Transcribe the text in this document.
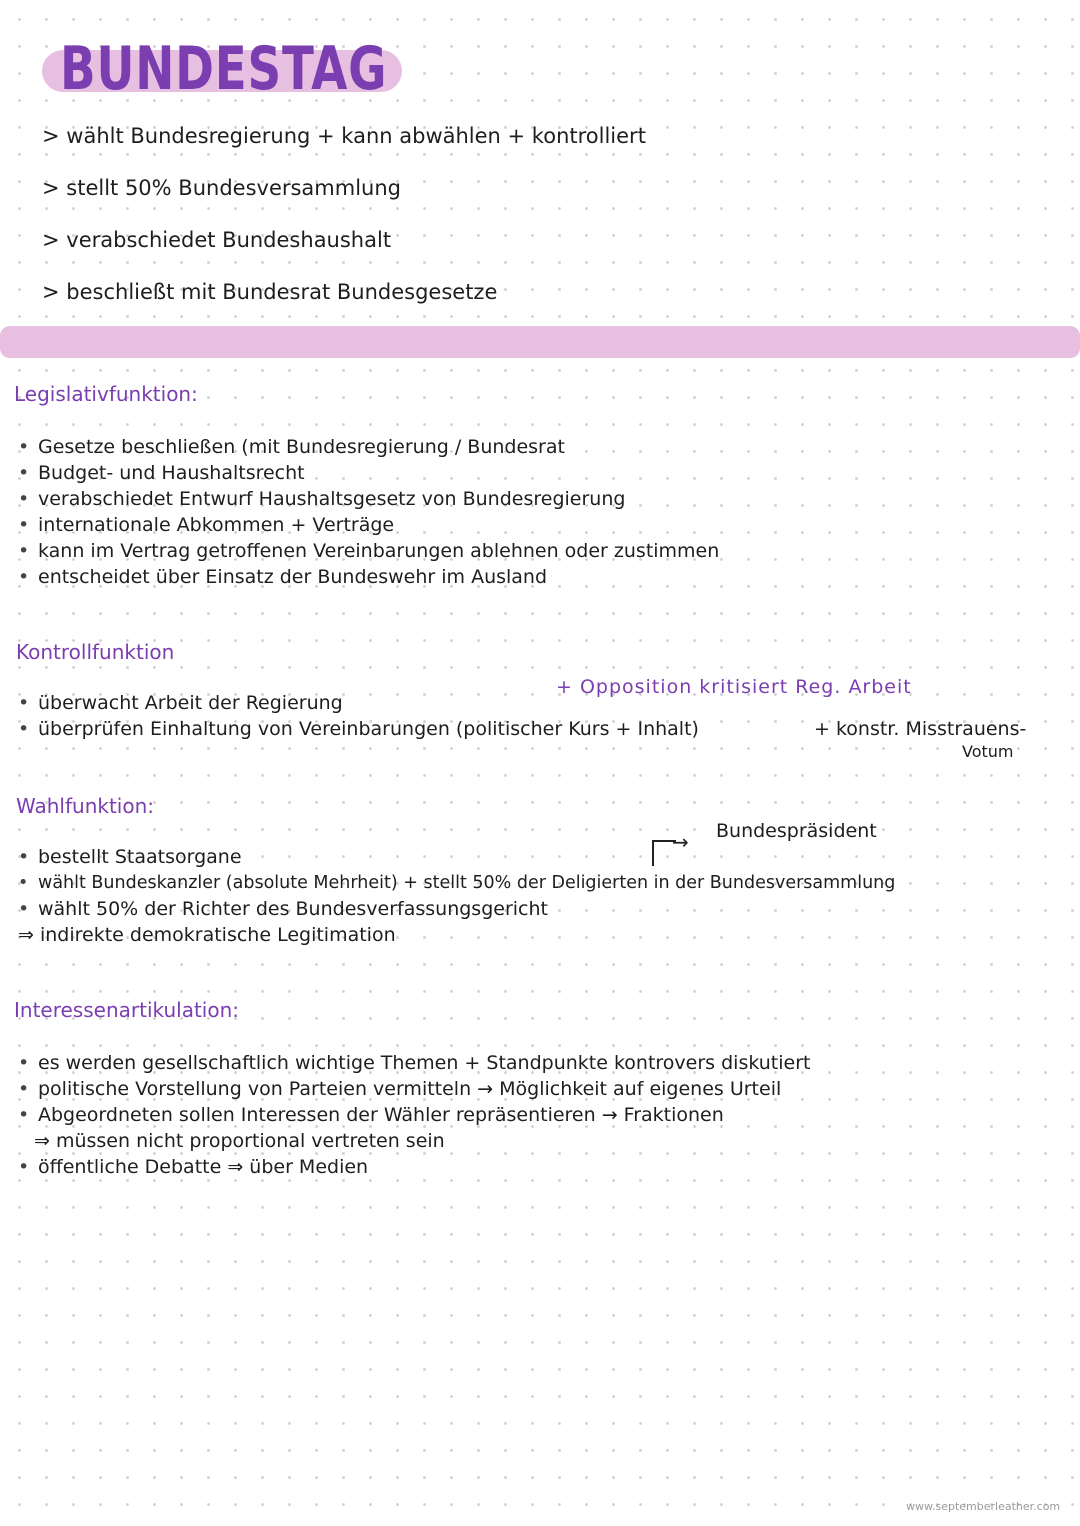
BUNDESTAG
> wählt Bundesregierung + kann abwählen + kontrolliert
> stellt 50% Bundesversammlung
> verabschiedet Bundeshaushalt
> beschließt mit Bundesrat Bundesgesetze
Legislativfunktion:
• Gesetze beschließen (mit Bundesregierung / Bundesrat
• Budget- und Haushaltsrecht
• verabschiedet Entwurf Haushaltsgesetz von Bundesregierung
• internationale Abkommen + Verträge
• kann im Vertrag getroffenen Vereinbarungen ablehnen oder zustimmen
• entscheidet über Einsatz der Bundeswehr im Ausland
Kontrollfunktion
+ Opposition kritisiert Reg. Arbeit
• überwacht Arbeit der Regierung
• überprüfen Einhaltung von Vereinbarungen (politischer Kurs + Inhalt)	+ konstr. Misstrauens-
Votum
Wahlfunktion:
→ Bundespräsident
• bestellt Staatsorgane
• wählt Bundeskanzler (absolute Mehrheit) + stellt 50% der Deligierten in der Bundesversammlung
• wählt 50% der Richter des Bundesverfassungsgericht
⇒ indirekte demokratische Legitimation
Interessenartikulation:
• es werden gesellschaftlich wichtige Themen + Standpunkte kontrovers diskutiert
• politische Vorstellung von Parteien vermitteln → Möglichkeit auf eigenes Urteil
• Abgeordneten sollen Interessen der Wähler repräsentieren → Fraktionen
⇒ müssen nicht proportional vertreten sein
• öffentliche Debatte ⇒ über Medien
www.septemberleather.com
